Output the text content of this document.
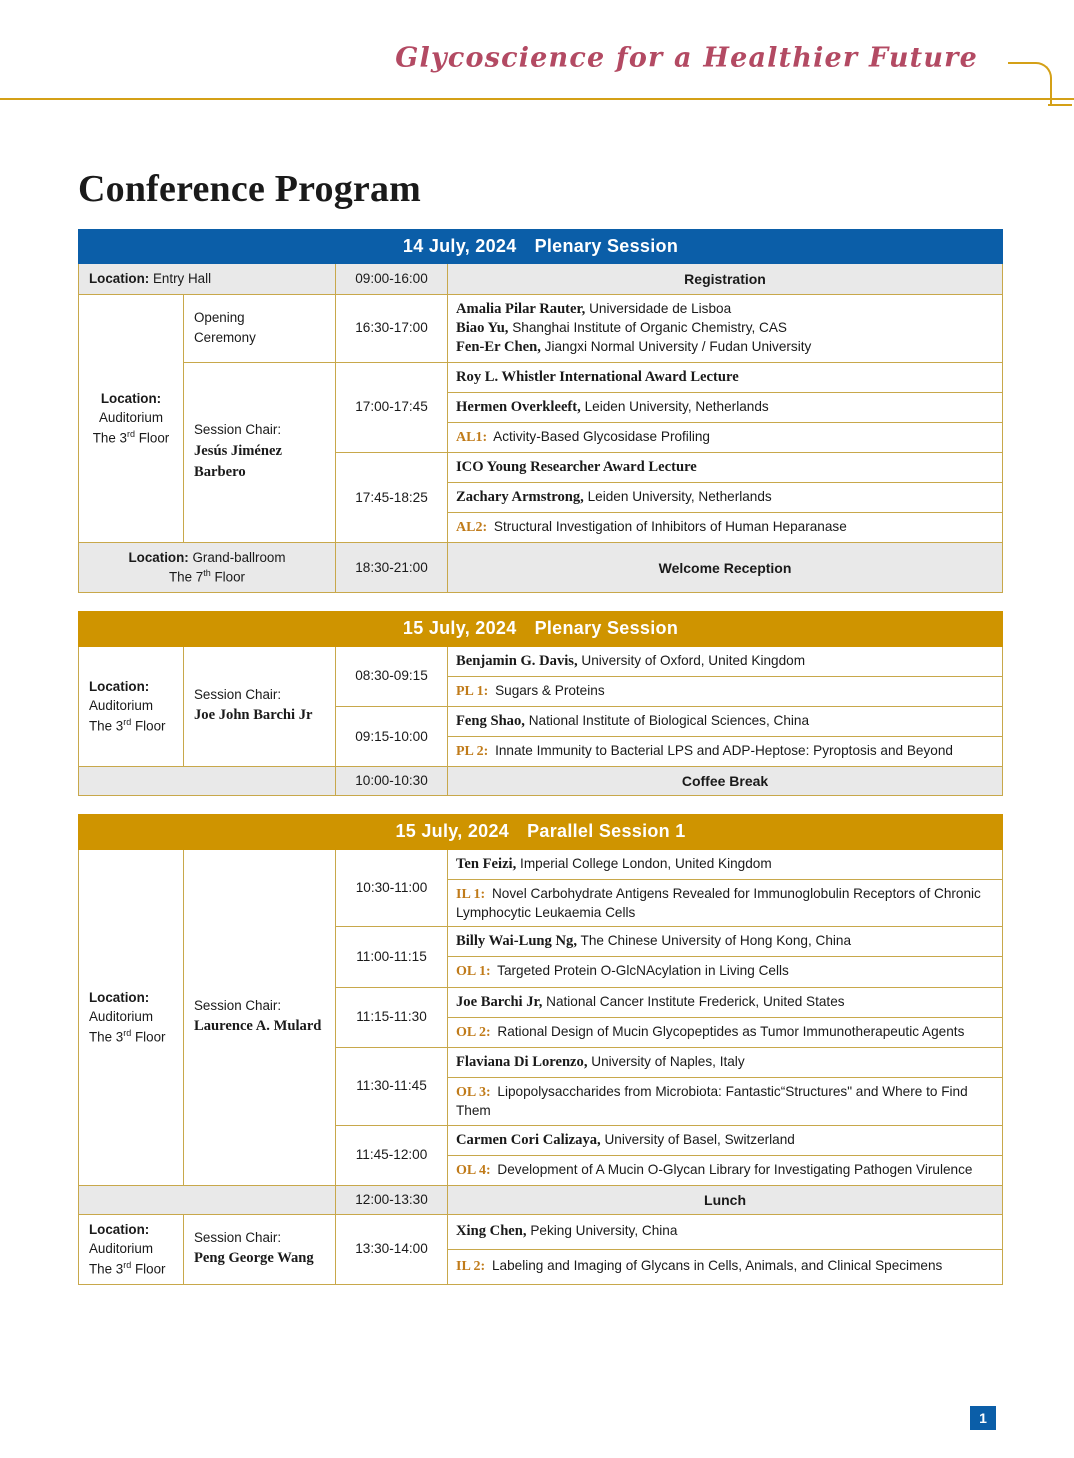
Glycoscience for a Healthier Future
Conference Program
14 July, 2024 Plenary Session			
Location: Entry Hall		09:00-16:00	Registration
Location:
Auditorium
The 3rd Floor	Opening
Ceremony	16:30-17:00	Amalia Pilar Rauter, Universidade de Lisboa
Biao Yu, Shanghai Institute of Organic Chemistry, CAS
Fen-Er Chen, Jiangxi Normal University / Fudan University
	Session Chair:
Jesús Jiménez Barbero	17:00-17:45	Roy L. Whistler International Award Lecture
			Hermen Overkleeft, Leiden University, Netherlands
			AL1: Activity-Based Glycosidase Profiling
		17:45-18:25	ICO Young Researcher Award Lecture
			Zachary Armstrong, Leiden University, Netherlands
			AL2: Structural Investigation of Inhibitors of Human Heparanase
Location: Grand-ballroom
The 7th Floor		18:30-21:00	Welcome Reception
15 July, 2024 Plenary Session			
Location:
Auditorium
The 3rd Floor	Session Chair:
Joe John Barchi Jr	08:30-09:15	Benjamin G. Davis, University of Oxford, United Kingdom
			PL 1: Sugars & Proteins
		09:15-10:00	Feng Shao, National Institute of Biological Sciences, China
			PL 2: Innate Immunity to Bacterial LPS and ADP-Heptose: Pyroptosis and Beyond
		10:00-10:30	Coffee Break
15 July, 2024 Parallel Session 1			
Location:
Auditorium
The 3rd Floor	Session Chair:
Laurence A. Mulard	10:30-11:00	Ten Feizi, Imperial College London, United Kingdom
			IL 1: Novel Carbohydrate Antigens Revealed for Immunoglobulin Receptors of Chronic Lymphocytic Leukaemia Cells
		11:00-11:15	Billy Wai-Lung Ng, The Chinese University of Hong Kong, China
			OL 1: Targeted Protein O-GlcNAcylation in Living Cells
		11:15-11:30	Joe Barchi Jr, National Cancer Institute Frederick, United States
			OL 2: Rational Design of Mucin Glycopeptides as Tumor Immunotherapeutic Agents
		11:30-11:45	Flaviana Di Lorenzo, University of Naples, Italy
			OL 3: Lipopolysaccharides from Microbiota: Fantastic“Structures" and Where to Find Them
		11:45-12:00	Carmen Cori Calizaya, University of Basel, Switzerland
			OL 4: Development of A Mucin O-Glycan Library for Investigating Pathogen Virulence
		12:00-13:30	Lunch
Location:
Auditorium
The 3rd Floor	Session Chair:
Peng George Wang	13:30-14:00	Xing Chen, Peking University, China
			IL 2: Labeling and Imaging of Glycans in Cells, Animals, and Clinical Specimens
1
